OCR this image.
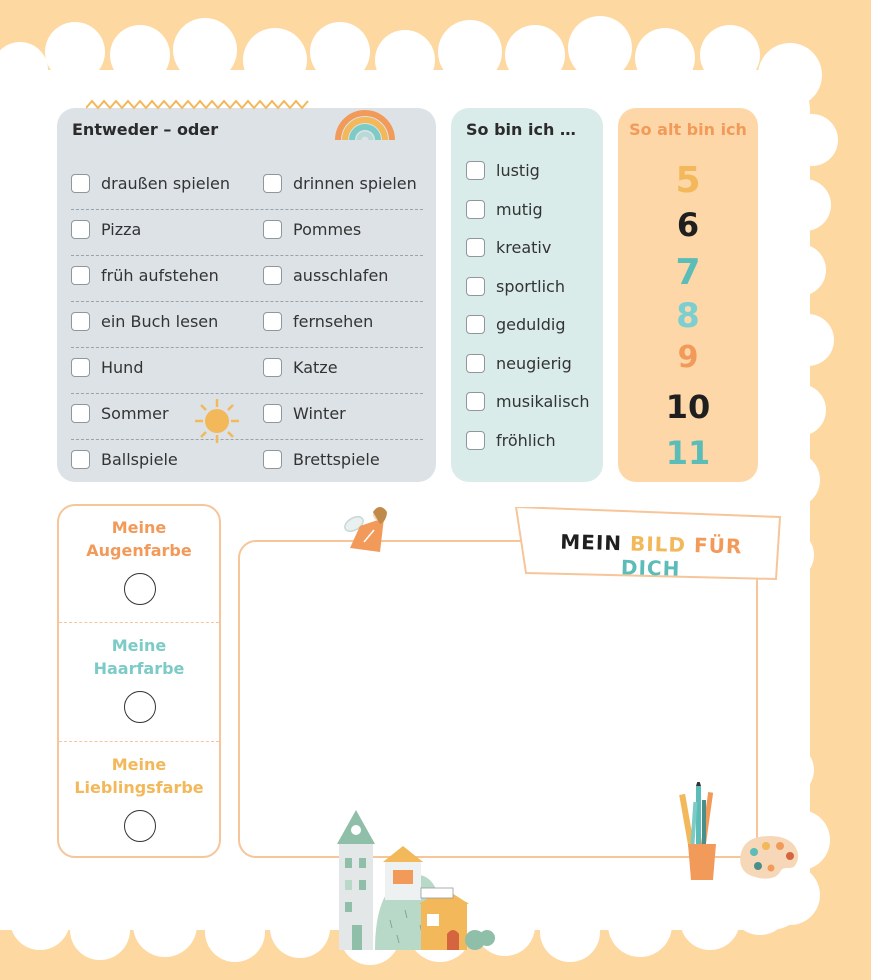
Entweder – oder
draußen spielen	drinnen spielen
Pizza	Pommes
früh aufstehen	ausschlafen
ein Buch lesen	fernsehen
Hund	Katze
Sommer	Winter
Ballspiele	Brettspiele
So bin ich …
lustig
mutig
kreativ
sportlich
geduldig
neugierig
musikalisch
fröhlich
So alt bin ich
5
6
7
8
9
10
11
Meine
Augenfarbe
Meine
Haarfarbe
Meine
Lieblingsfarbe
MEIN BILD FÜR DICH
